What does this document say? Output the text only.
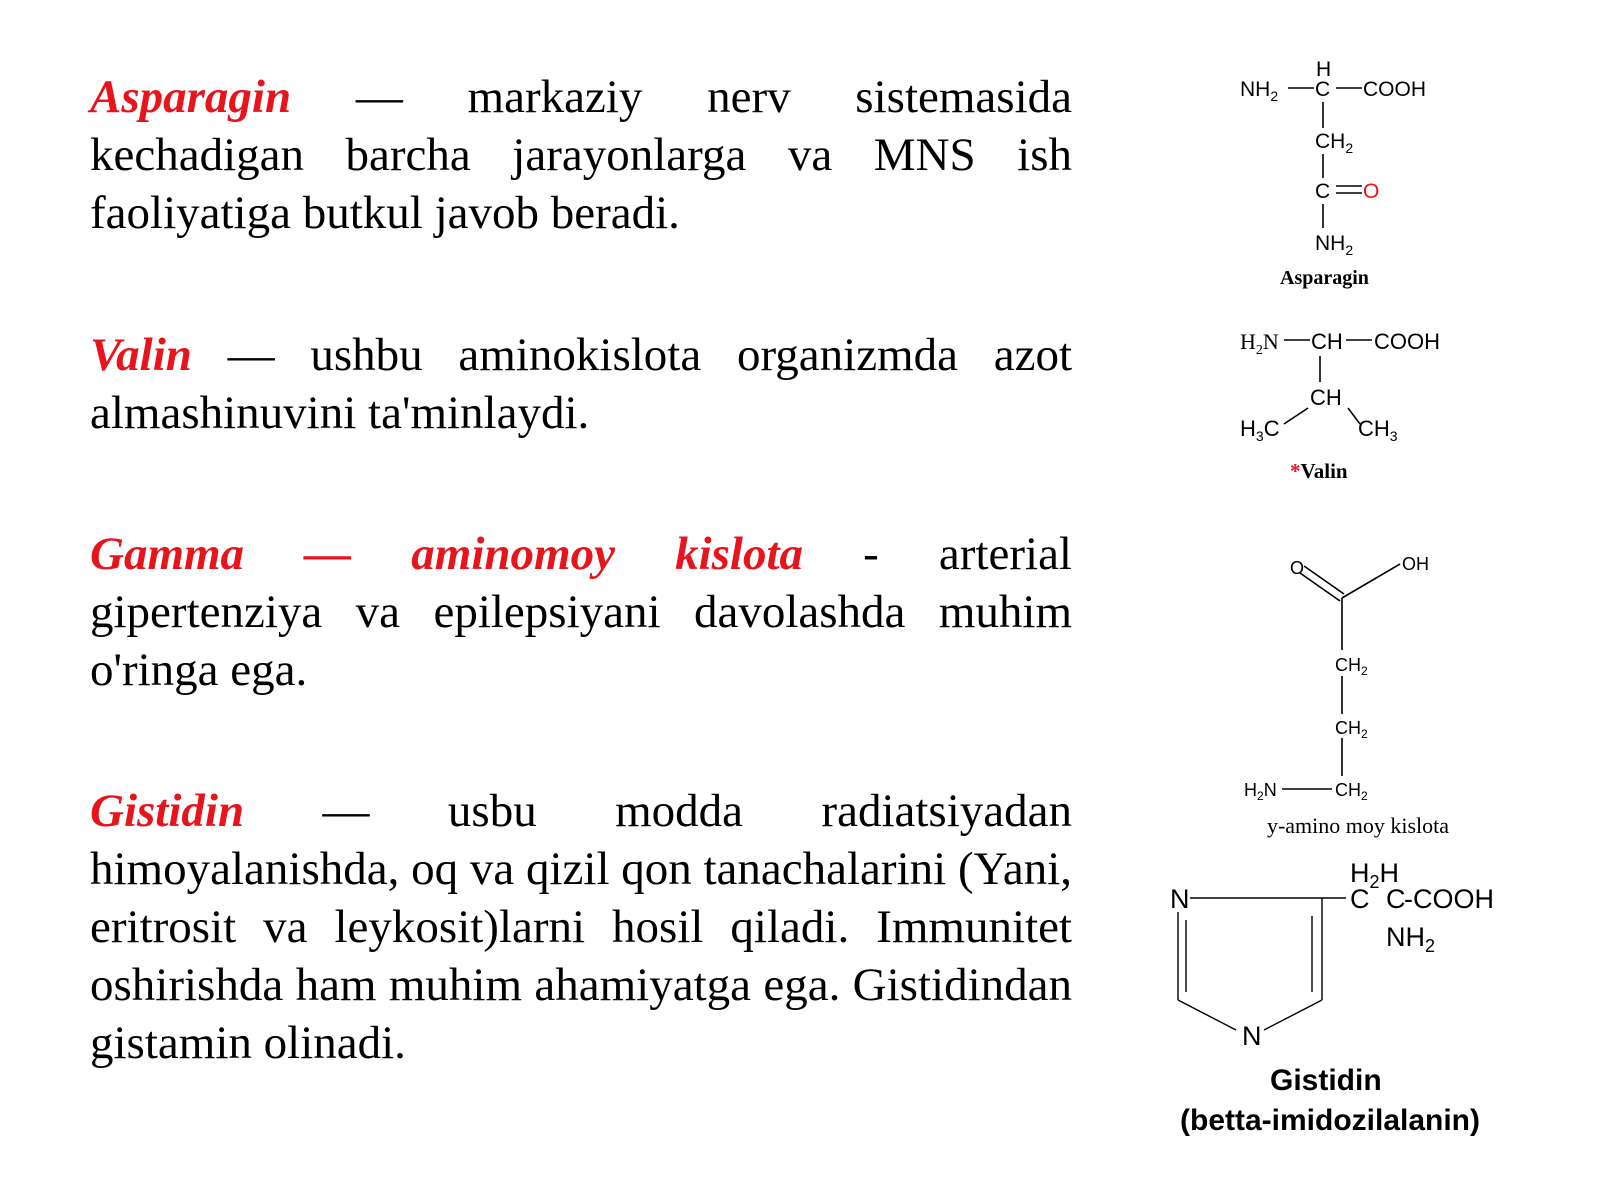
Asparagin — markaziy nerv sistemasida kechadigan barcha jarayonlarga va MNS ish faoliyatiga butkul javob beradi.

Valin — ushbu aminokislota organizmda azot almashinuvini ta'minlaydi.

Gamma — aminomoy kislota - arterial gipertenziya va epilepsiyani davolashda muhim o'ringa ega.

Gistidin — usbu modda radiatsiyadan himoyalanishda, oq va qizil qon tanachalarini (Yani, eritrosit va leykosit)larni hosil qiladi. Immunitet oshirishda ham muhim ahamiyatga ega. Gistidindan gistamin olinadi.

H
$NH_2$ C COOH
$CH_2$
C O
$NH_2$
Asparagin
$H_2N$ CH COOH
CH
$H_3C$	$CH_3$
*Valin
O	OH
$CH_2$
$CH_2$
$H_2N$	$CH_2$
y-amino moy kislota
N
N
$H_2H$
C C
-COOH
$NH_2$
Gistidin
(betta-imidozilalanin)
